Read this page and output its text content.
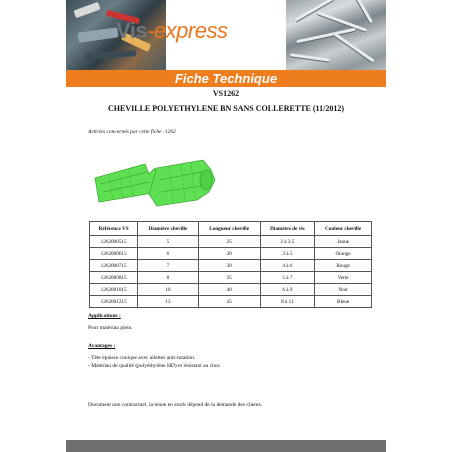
Vis-express
Fiche Technique
VS1262
CHEVILLE POLYETHYLENE BN SANS COLLERETTE (11/2012)
Articles concernés par cette fiche :1262
Référence VS	Diamètre cheville	Longueur cheville	Diamètre de vis	Couleur cheville
1262000515	5	25	2 à 3.5	Jaune
1262000615	6	30	3 à 5	Orange
1262000715	7	30	4 à 6	Rouge
1262000815	8	35	5 à 7	Verte
1262001015	10	40	6 à 9	Noir
1262001215	12	45	8 à 11	Bleue
Applications :
Pour matériau plein.
Avantages :
- Tête épaisse conique avec ailettes anti-rotation.
- Matériau de qualité (polyéthylène HD) et résistant au choc.
Document non contractuel, la tenue en stock dépend de la demande des clients.
